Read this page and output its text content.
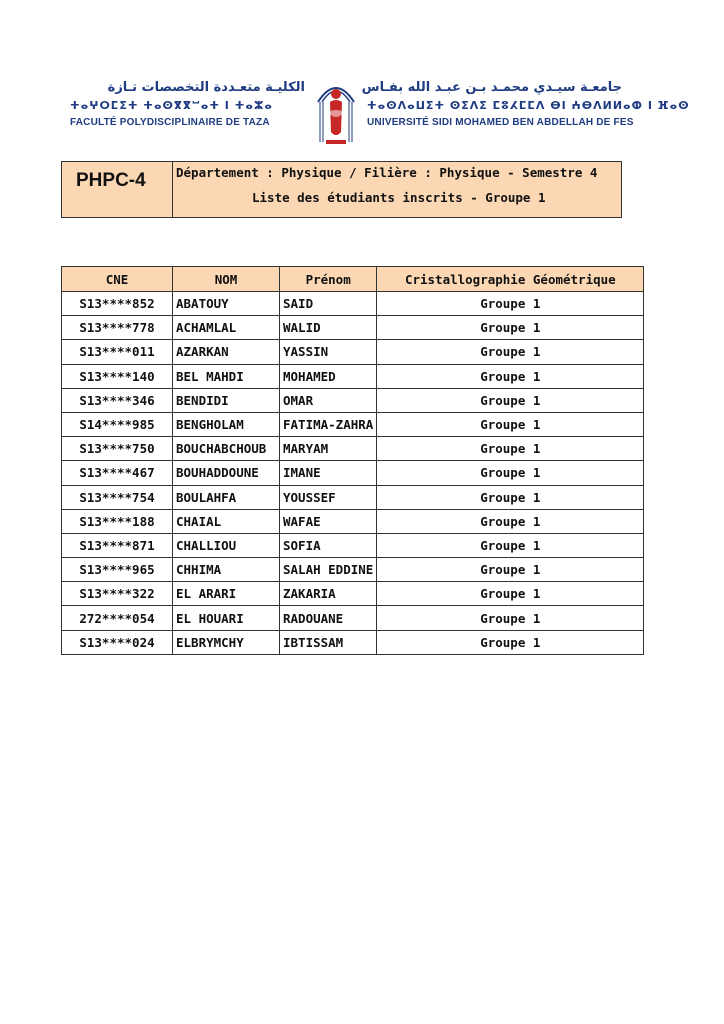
الكليـة متعـددة التخصصات تـازة
ⵜⴰⵖⵔⵎⵉⵜ ⵜⴰⵙⴳⴳⵯⴰⵜ ⵏ ⵜⴰⵣⴰ
FACULTÉ POLYDISCIPLINAIRE DE TAZA
جامعـة سيـدي محمـد بـن عبـد الله بفـاس
ⵜⴰⵙⴷⴰⵡⵉⵜ ⵙⵉⴷⵉ ⵎⵓⵃⵎⵎⴷ ⴱⵏ ⵄⴱⴷⵍⵍⴰⵀ ⵏ ⴼⴰⵙ
UNIVERSITÉ SIDI MOHAMED BEN ABDELLAH DE FES
PHPC-4	Département : Physique / Filière : Physique - Semestre 4
Liste des étudiants inscrits - Groupe 1
CNE	NOM	Prénom	Cristallographie Géométrique
S13****852	ABATOUY	SAID	Groupe 1
S13****778	ACHAMLAL	WALID	Groupe 1
S13****011	AZARKAN	YASSIN	Groupe 1
S13****140	BEL MAHDI	MOHAMED	Groupe 1
S13****346	BENDIDI	OMAR	Groupe 1
S14****985	BENGHOLAM	FATIMA-ZAHRA	Groupe 1
S13****750	BOUCHABCHOUB	MARYAM	Groupe 1
S13****467	BOUHADDOUNE	IMANE	Groupe 1
S13****754	BOULAHFA	YOUSSEF	Groupe 1
S13****188	CHAIAL	WAFAE	Groupe 1
S13****871	CHALLIOU	SOFIA	Groupe 1
S13****965	CHHIMA	SALAH EDDINE	Groupe 1
S13****322	EL ARARI	ZAKARIA	Groupe 1
272****054	EL HOUARI	RADOUANE	Groupe 1
S13****024	ELBRYMCHY	IBTISSAM	Groupe 1
